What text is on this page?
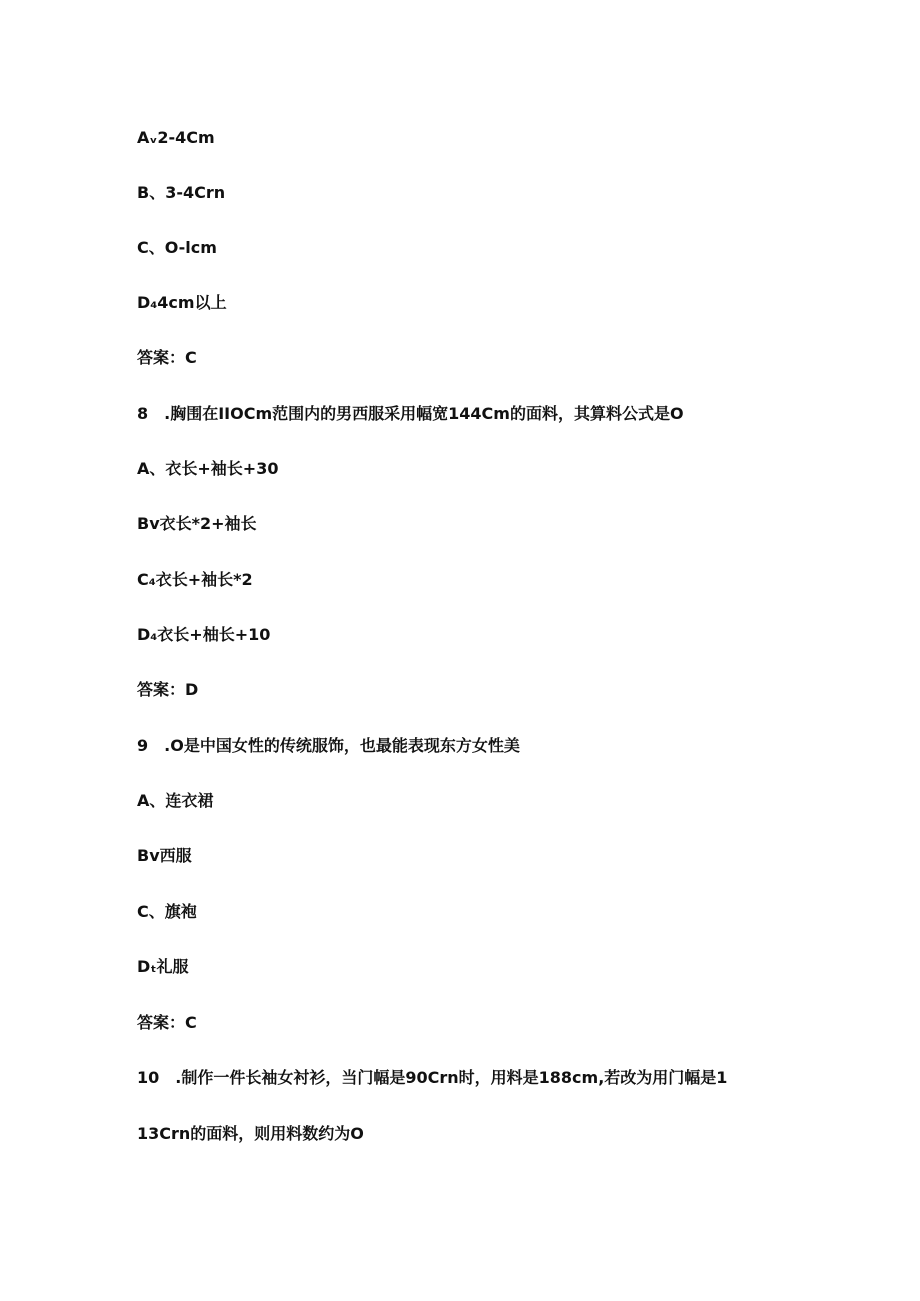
Aᵥ2-4Cm
B、3-4Crn
C、O-lcm
D₄4cm以上
答案：C
8　.胸围在IIOCm范围内的男西服采用幅宽144Cm的面料，其算料公式是O
A、衣长+袖长+30
Bv衣长*2+袖长
C₄衣长+袖长*2
D₄衣长+柚长+10
答案：D
9　.O是中国女性的传统服饰，也最能表现东方女性美
A、连衣裙
Bv西服
C、旗袍
Dₜ礼服
答案：C
10　.制作一件长袖女衬衫，当门幅是90Crn时，用料是188cm,若改为用门幅是1
13Crn的面料，则用料数约为O
